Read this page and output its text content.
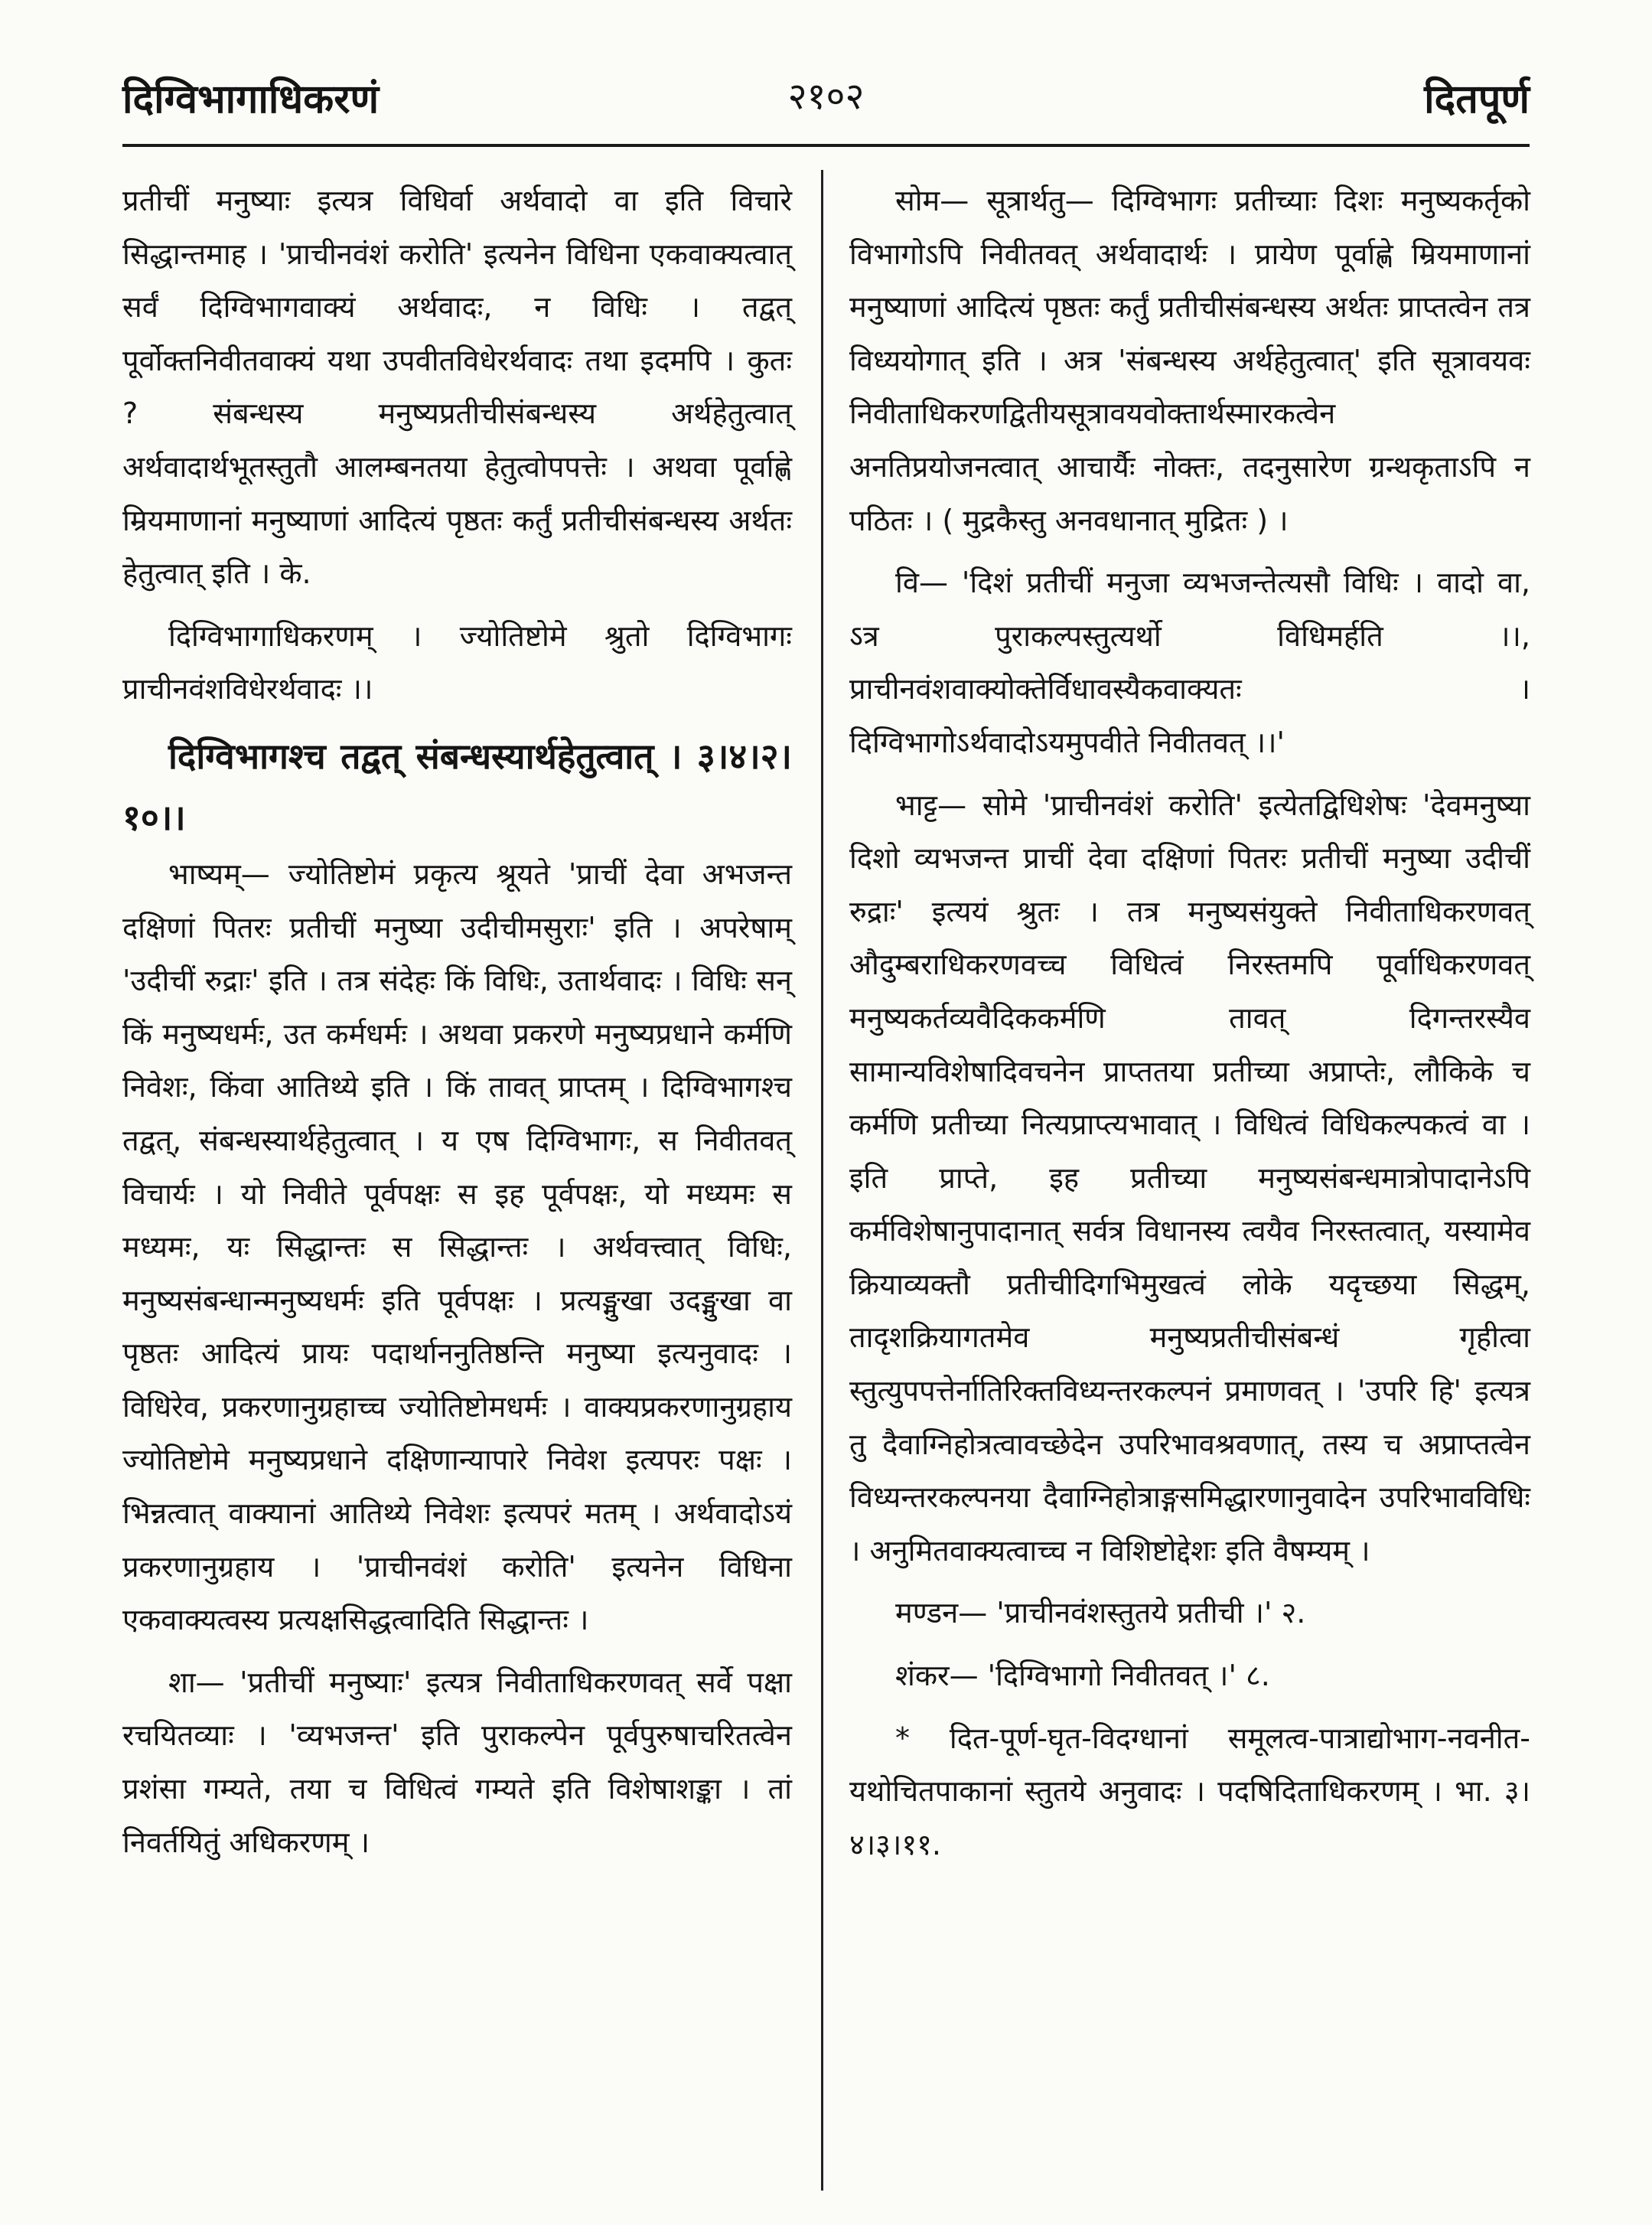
दिग्विभागाधिकरणं	२१०२	दितपूर्ण

प्रतीचीं मनुष्याः इत्यत्र विधिर्वा अर्थवादो वा इति विचारे सिद्धान्तमाह । 'प्राचीनवंशं करोति' इत्यनेन विधिना एकवाक्यत्वात् सर्वं दिग्विभागवाक्यं अर्थवादः, न विधिः । तद्वत् पूर्वोक्तनिवीतवाक्यं यथा उपवीतविधेरर्थवादः तथा इदमपि । कुतः ? संबन्धस्य मनुष्यप्रतीचीसंबन्धस्य अर्थहेतुत्वात् अर्थवादार्थभूतस्तुतौ आलम्बनतया हेतुत्वोपपत्तेः । अथवा पूर्वाह्णे म्रियमाणानां मनुष्याणां आदित्यं पृष्ठतः कर्तुं प्रतीचीसंबन्धस्य अर्थतः हेतुत्वात् इति । के.

दिग्विभागाधिकरणम् । ज्योतिष्टोमे श्रुतो दिग्विभागः प्राचीनवंशविधेरर्थवादः ।।

दिग्विभागश्च तद्वत् संबन्धस्यार्थहेतुत्वात् । ३।४।२।१०।।

भाष्यम्— ज्योतिष्टोमं प्रकृत्य श्रूयते 'प्राचीं देवा अभजन्त दक्षिणां पितरः प्रतीचीं मनुष्या उदीचीमसुराः' इति । अपरेषाम् 'उदीचीं रुद्राः' इति । तत्र संदेहः किं विधिः, उतार्थवादः । विधिः सन् किं मनुष्यधर्मः, उत कर्मधर्मः । अथवा प्रकरणे मनुष्यप्रधाने कर्मणि निवेशः, किंवा आतिथ्ये इति । किं तावत् प्राप्तम् । दिग्विभागश्च तद्वत्, संबन्धस्यार्थहेतुत्वात् । य एष दिग्विभागः, स निवीतवत् विचार्यः । यो निवीते पूर्वपक्षः स इह पूर्वपक्षः, यो मध्यमः स मध्यमः, यः सिद्धान्तः स सिद्धान्तः । अर्थवत्त्वात् विधिः, मनुष्यसंबन्धान्मनुष्यधर्मः इति पूर्वपक्षः । प्रत्यङ्मुखा उदङ्मुखा वा पृष्ठतः आदित्यं प्रायः पदार्थाननुतिष्ठन्ति मनुष्या इत्यनुवादः । विधिरेव, प्रकरणानुग्रहाच्च ज्योतिष्टोमधर्मः । वाक्यप्रकरणानुग्रहाय ज्योतिष्टोमे मनुष्यप्रधाने दक्षिणान्यापारे निवेश इत्यपरः पक्षः । भिन्नत्वात् वाक्यानां आतिथ्ये निवेशः इत्यपरं मतम् । अर्थवादोऽयं प्रकरणानुग्रहाय । 'प्राचीनवंशं करोति' इत्यनेन विधिना एकवाक्यत्वस्य प्रत्यक्षसिद्धत्वादिति सिद्धान्तः ।

शा— 'प्रतीचीं मनुष्याः' इत्यत्र निवीताधिकरणवत् सर्वे पक्षा रचयितव्याः । 'व्यभजन्त' इति पुराकल्पेन पूर्वपुरुषाचरितत्वेन प्रशंसा गम्यते, तया च विधित्वं गम्यते इति विशेषाशङ्का । तां निवर्तयितुं अधिकरणम् ।

सोम— सूत्रार्थतु— दिग्विभागः प्रतीच्याः दिशः मनुष्यकर्तृको विभागोऽपि निवीतवत् अर्थवादार्थः । प्रायेण पूर्वाह्णे म्रियमाणानां मनुष्याणां आदित्यं पृष्ठतः कर्तुं प्रतीचीसंबन्धस्य अर्थतः प्राप्तत्वेन तत्र विध्ययोगात् इति । अत्र 'संबन्धस्य अर्थहेतुत्वात्' इति सूत्रावयवः निवीताधिकरणद्वितीयसूत्रावयवोक्तार्थस्मारकत्वेन अनतिप्रयोजनत्वात् आचार्यैः नोक्तः, तदनुसारेण ग्रन्थकृताऽपि न पठितः । ( मुद्रकैस्तु अनवधानात् मुद्रितः ) ।

वि— 'दिशं प्रतीचीं मनुजा व्यभजन्तेत्यसौ विधिः । वादो वा, ऽत्र पुराकल्पस्तुत्यर्थो विधिमर्हति ।।, प्राचीनवंशवाक्योक्तेर्विधावस्यैकवाक्यतः । दिग्विभागोऽर्थवादोऽयमुपवीते निवीतवत् ।।'

भाट्ट— सोमे 'प्राचीनवंशं करोति' इत्येतद्विधिशेषः 'देवमनुष्या दिशो व्यभजन्त प्राचीं देवा दक्षिणां पितरः प्रतीचीं मनुष्या उदीचीं रुद्राः' इत्ययं श्रुतः । तत्र मनुष्यसंयुक्ते निवीताधिकरणवत् औदुम्बराधिकरणवच्च विधित्वं निरस्तमपि पूर्वाधिकरणवत् मनुष्यकर्तव्यवैदिककर्मणि तावत् दिगन्तरस्यैव सामान्यविशेषादिवचनेन प्राप्ततया प्रतीच्या अप्राप्तेः, लौकिके च कर्मणि प्रतीच्या नित्यप्राप्त्यभावात् । विधित्वं विधिकल्पकत्वं वा । इति प्राप्ते, इह प्रतीच्या मनुष्यसंबन्धमात्रोपादानेऽपि कर्मविशेषानुपादानात् सर्वत्र विधानस्य त्वयैव निरस्तत्वात्, यस्यामेव क्रियाव्यक्तौ प्रतीचीदिगभिमुखत्वं लोके यदृच्छया सिद्धम्, तादृशक्रियागतमेव मनुष्यप्रतीचीसंबन्धं गृहीत्वा स्तुत्युपपत्तेर्नातिरिक्तविध्यन्तरकल्पनं प्रमाणवत् । 'उपरि हि' इत्यत्र तु दैवाग्निहोत्रत्वावच्छेदेन उपरिभावश्रवणात्, तस्य च अप्राप्तत्वेन विध्यन्तरकल्पनया दैवाग्निहोत्राङ्गसमिद्धारणानुवादेन उपरिभावविधिः । अनुमितवाक्यत्वाच्च न विशिष्टोद्देशः इति वैषम्यम् ।

मण्डन— 'प्राचीनवंशस्तुतये प्रतीची ।' २.

शंकर— 'दिग्विभागो निवीतवत् ।' ८.

* दित-पूर्ण-घृत-विदग्धानां समूलत्व-पात्राद्योभाग-नवनीत-यथोचितपाकानां स्तुतये अनुवादः । पदषिदिताधिकरणम् । भा. ३।४।३।११.
